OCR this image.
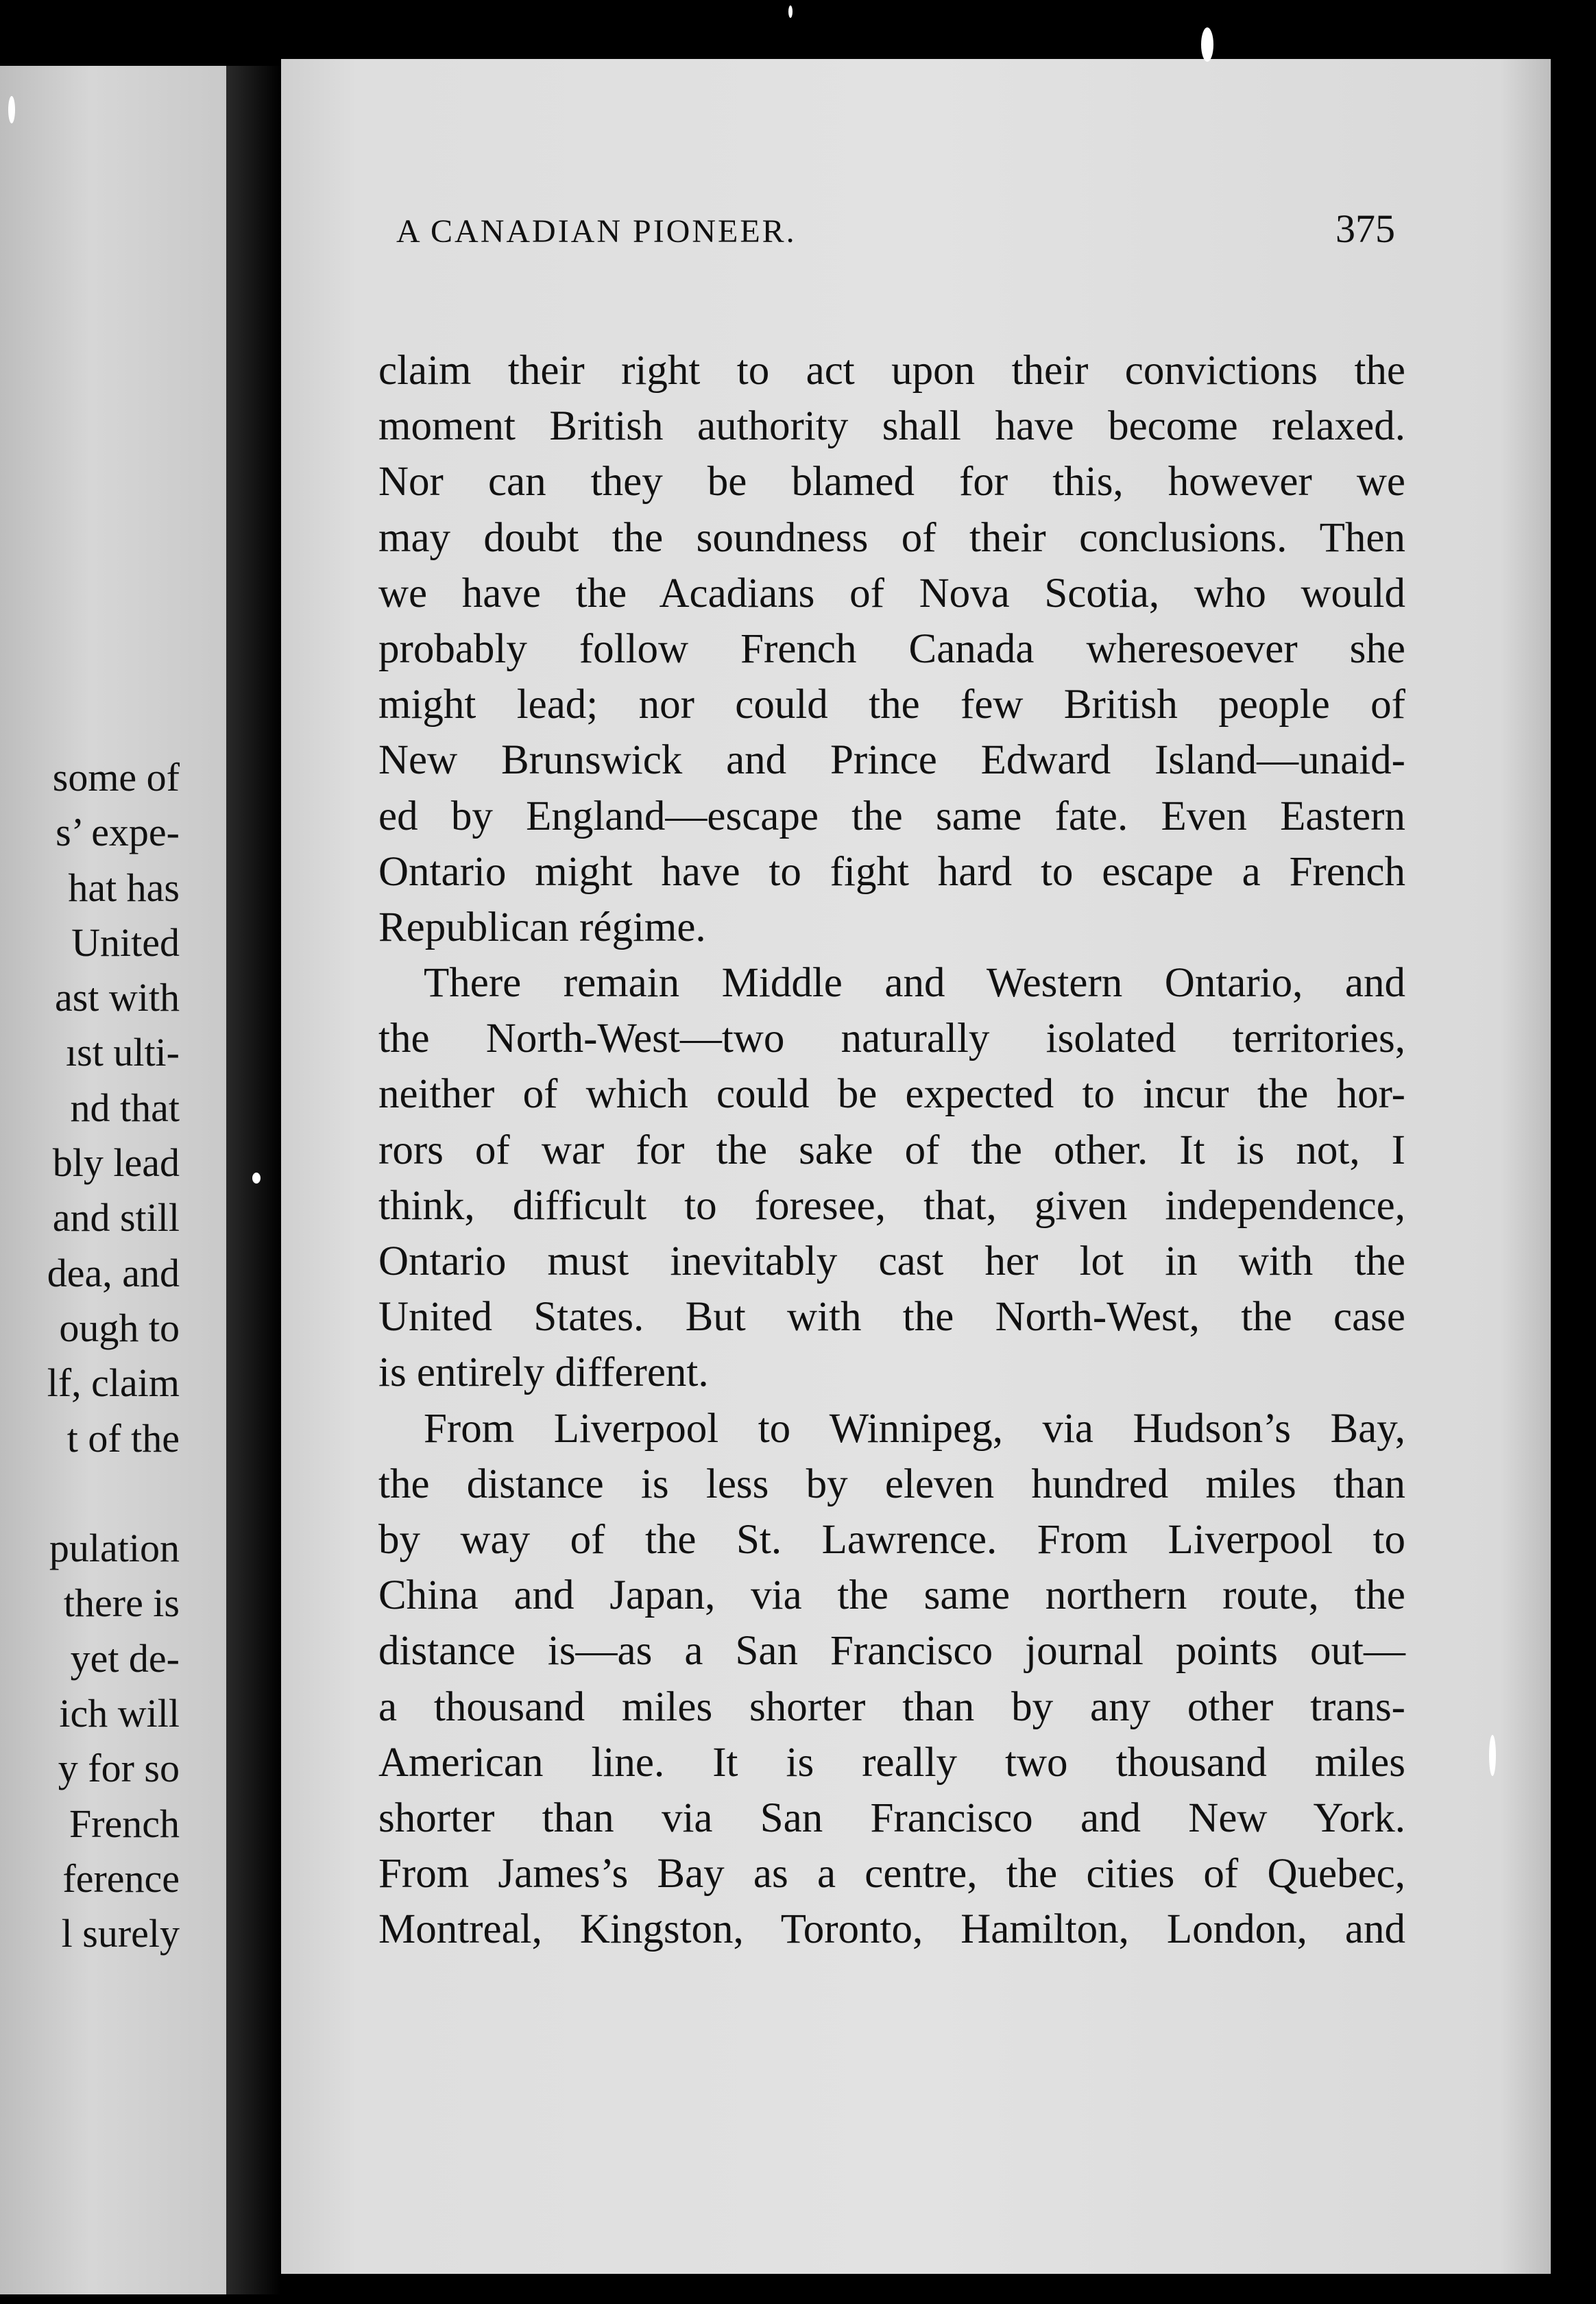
some of
s’ expe-
hat has
United
ast with
ıst ulti-
nd that
bly lead
and still
dea, and
ough to
lf, claim
t of the
pulation
there is
yet de-
ich will
y for so
French
ference
l surely
A CANADIAN PIONEER.	375
claim their right to act upon their convictions the
moment British authority shall have become relaxed.
Nor can they be blamed for this, however we
may doubt the soundness of their conclusions. Then
we have the Acadians of Nova Scotia, who would
probably follow French Canada wheresoever she
might lead; nor could the few British people of
New Brunswick and Prince Edward Island—unaid-
ed by England—escape the same fate. Even Eastern
Ontario might have to fight hard to escape a French
Republican régime.
There remain Middle and Western Ontario, and
the North-West—two naturally isolated territories,
neither of which could be expected to incur the hor-
rors of war for the sake of the other. It is not, I
think, difficult to foresee, that, given independence,
Ontario must inevitably cast her lot in with the
United States. But with the North-West, the case
is entirely different.
From Liverpool to Winnipeg, via Hudson’s Bay,
the distance is less by eleven hundred miles than
by way of the St. Lawrence. From Liverpool to
China and Japan, via the same northern route, the
distance is—as a San Francisco journal points out—
a thousand miles shorter than by any other trans-
American line. It is really two thousand miles
shorter than via San Francisco and New York.
From James’s Bay as a centre, the cities of Quebec,
Montreal, Kingston, Toronto, Hamilton, London, and
